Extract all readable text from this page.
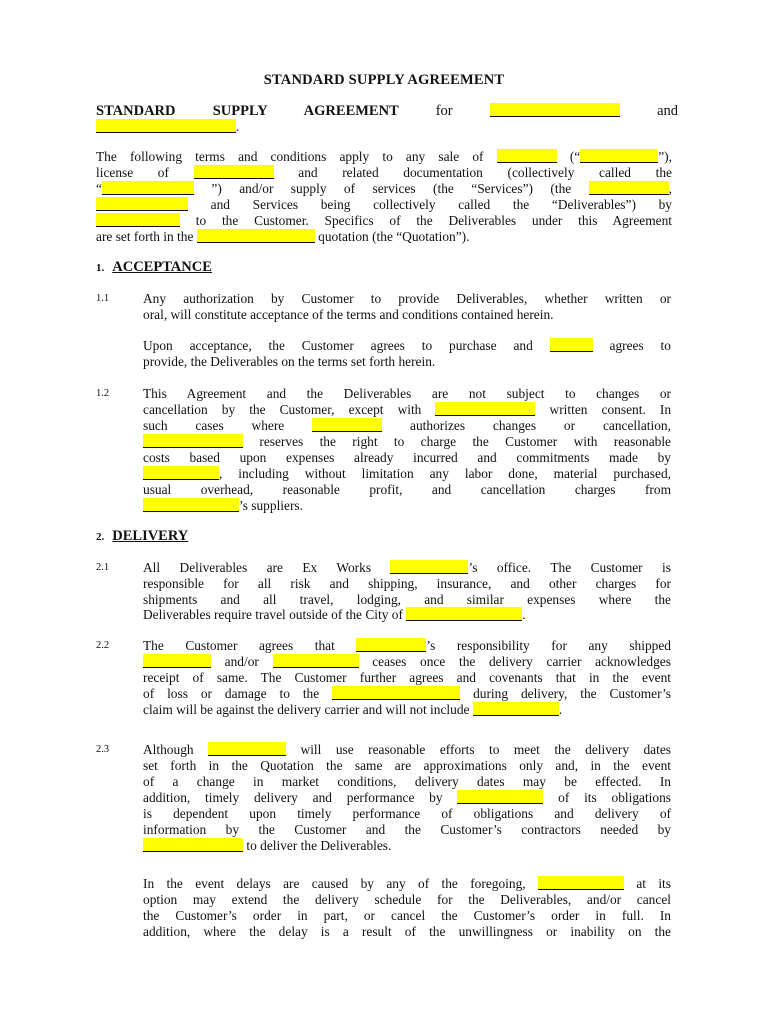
STANDARD SUPPLY AGREEMENT
STANDARD	SUPPLY	AGREEMENT	for	and
.
The following terms and conditions apply to any sale of	(“	”),
license of	and related documentation (collectively called the
“	”) and/or supply of services (the “Services”) (the	,
and Services being collectively called the “Deliverables”) by
to the Customer. Specifics of the Deliverables under this Agreement
are set forth in the	quotation (the “Quotation”).
1. ACCEPTANCE
1.1	Any authorization by Customer to provide Deliverables, whether written or
oral, will constitute acceptance of the terms and conditions contained herein.
Upon acceptance, the Customer agrees to purchase and	agrees to
provide, the Deliverables on the terms set forth herein.
1.2	This Agreement and the Deliverables are not subject to changes or
cancellation by the Customer, except with	written consent. In
such cases where	authorizes changes or cancellation,
reserves the right to charge the Customer with reasonable
costs based upon expenses already incurred and commitments made by
, including without limitation any labor done, material purchased,
usual overhead, reasonable profit, and cancellation charges from
’s suppliers.
2. DELIVERY
2.1	All Deliverables are Ex Works	’s office. The Customer is
responsible for all risk and shipping, insurance, and other charges for
shipments and all travel, lodging, and similar expenses where the
Deliverables require travel outside of the City of	.
2.2	The Customer agrees that	’s responsibility for any shipped
and/or	ceases once the delivery carrier acknowledges
receipt of same. The Customer further agrees and covenants that in the event
of loss or damage to the	during delivery, the Customer’s
claim will be against the delivery carrier and will not include	.
2.3	Although	will use reasonable efforts to meet the delivery dates
set forth in the Quotation the same are approximations only and, in the event
of a change in market conditions, delivery dates may be effected. In
addition, timely delivery and performance by	of its obligations
is dependent upon timely performance of obligations and delivery of
information by the Customer and the Customer’s contractors needed by
to deliver the Deliverables.
In the event delays are caused by any of the foregoing,	at its
option may extend the delivery schedule for the Deliverables, and/or cancel
the Customer’s order in part, or cancel the Customer’s order in full. In
addition, where the delay is a result of the unwillingness or inability on the
